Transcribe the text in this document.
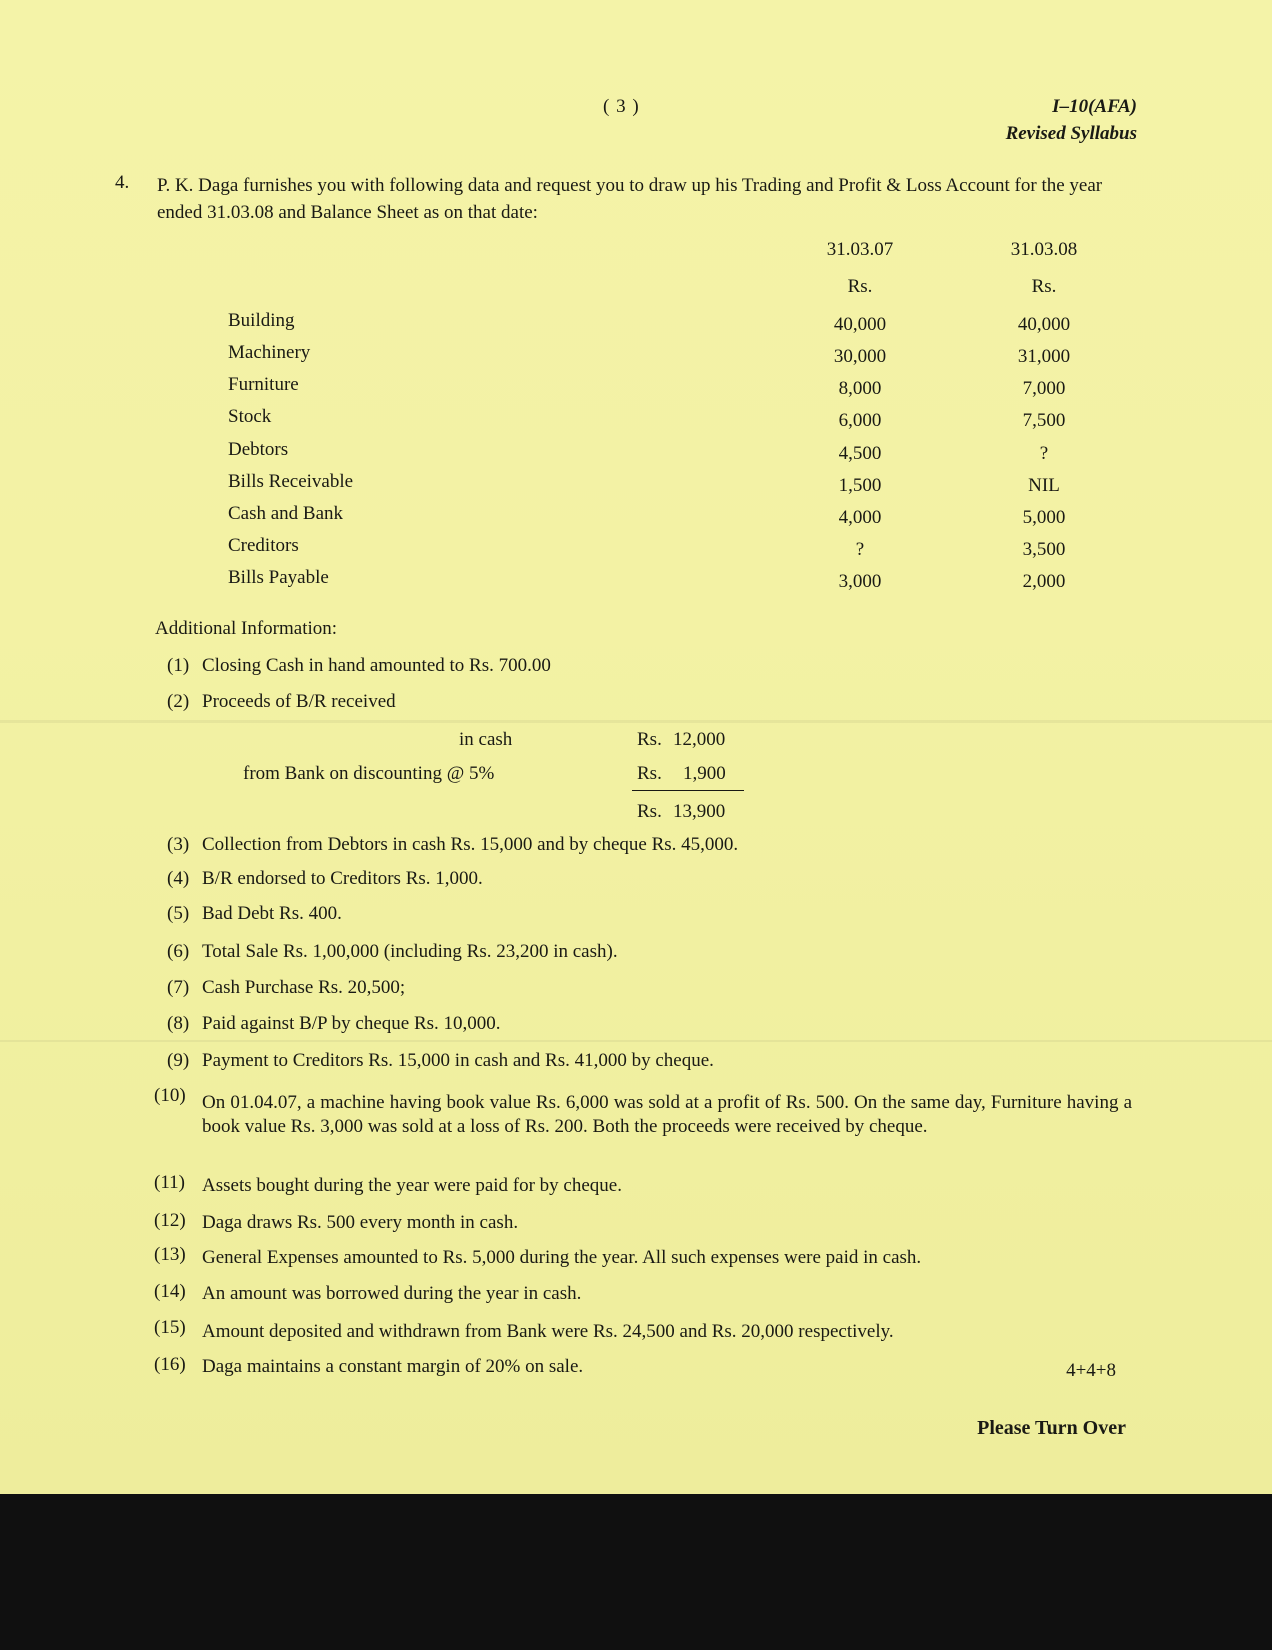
( 3 )	I–10(AFA)
Revised Syllabus
4. P. K. Daga furnishes you with following data and request you to draw up his Trading and Profit & Loss Account for the year ended 31.03.08 and Balance Sheet as on that date:
31.03.07	31.03.08
Rs.	Rs.
Building	40,000	40,000
Machinery	30,000	31,000
Furniture	8,000	7,000
Stock	6,000	7,500
Debtors	4,500	?
Bills Receivable	1,500	NIL
Cash and Bank	4,000	5,000
Creditors	?	3,500
Bills Payable	3,000	2,000
Additional Information:
(1) Closing Cash in hand amounted to Rs. 700.00
(2) Proceeds of B/R received
in cash	Rs. 12,000
from Bank on discounting @ 5%	Rs. 1,900
Rs. 13,900
(3) Collection from Debtors in cash Rs. 15,000 and by cheque Rs. 45,000.
(4) B/R endorsed to Creditors Rs. 1,000.
(5) Bad Debt Rs. 400.
(6) Total Sale Rs. 1,00,000 (including Rs. 23,200 in cash).
(7) Cash Purchase Rs. 20,500;
(8) Paid against B/P by cheque Rs. 10,000.
(9) Payment to Creditors Rs. 15,000 in cash and Rs. 41,000 by cheque.
(10) On 01.04.07, a machine having book value Rs. 6,000 was sold at a profit of Rs. 500. On the same day, Furniture having a book value Rs. 3,000 was sold at a loss of Rs. 200. Both the proceeds were received by cheque.
(11) Assets bought during the year were paid for by cheque.
(12) Daga draws Rs. 500 every month in cash.
(13) General Expenses amounted to Rs. 5,000 during the year. All such expenses were paid in cash.
(14) An amount was borrowed during the year in cash.
(15) Amount deposited and withdrawn from Bank were Rs. 24,500 and Rs. 20,000 respectively.
(16) Daga maintains a constant margin of 20% on sale.	4+4+8
Please Turn Over
